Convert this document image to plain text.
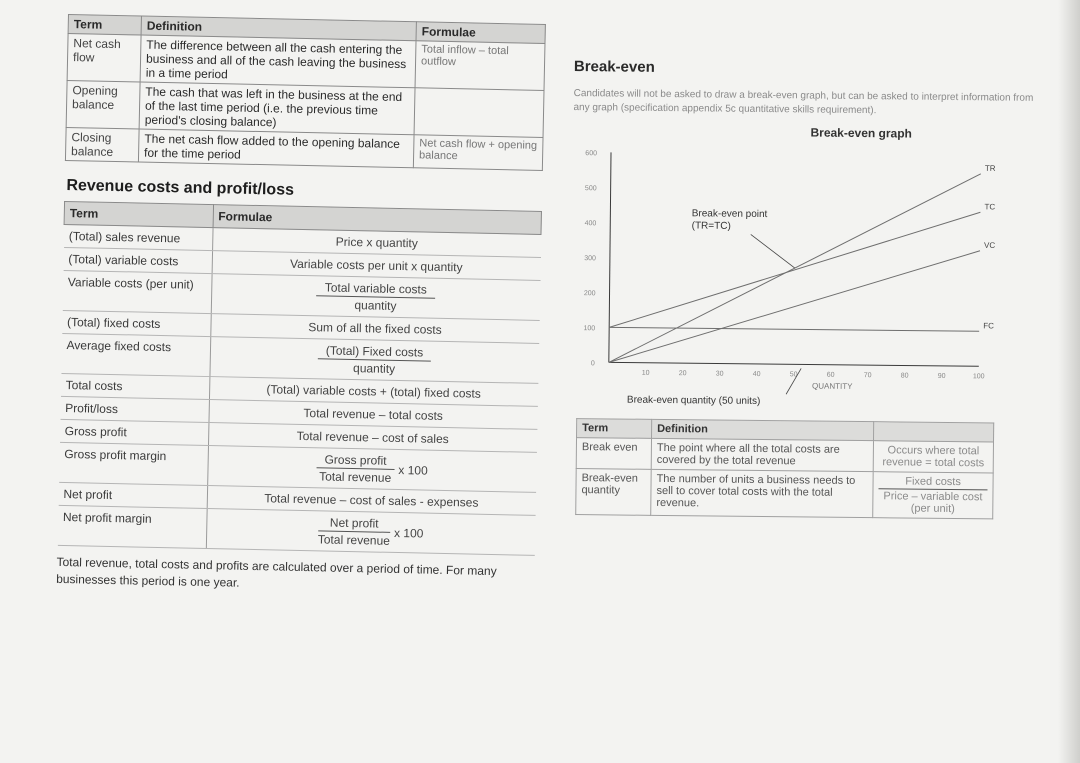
Term	Definition	Formulae
Net cash flow	The difference between all the cash entering the business and all of the cash leaving the business in a time period	Total inflow – total outflow
Opening balance	The cash that was left in the business at the end of the last time period (i.e. the previous time period's closing balance)	
Closing balance	The net cash flow added to the opening balance for the time period	Net cash flow + opening balance
Revenue costs and profit/loss
Term	Formulae
(Total) sales revenue	Price x quantity
(Total) variable costs	Variable costs per unit x quantity
Variable costs (per unit)	$\frac{\text{Total variable costs}}{\text{quantity}}$

(Total) fixed costs	Sum of all the fixed costs
Average fixed costs	$\frac{\text{(Total) Fixed costs}}{\text{quantity}}$

Total costs	(Total) variable costs + (total) fixed costs
Profit/loss	Total revenue – total costs
Gross profit	Total revenue – cost of sales
Gross profit margin	$\frac{\text{Gross profit}}{\text{Total revenue}}$ x 100
Net profit	Total revenue – cost of sales - expenses
Net profit margin	$\frac{\text{Net profit}}{\text{Total revenue}}$ x 100

Total revenue, total costs and profits are calculated over a period of time. For many businesses this period is one year.

Break-even

Candidates will not be asked to draw a break-even graph, but can be asked to interpret information from any graph (specification appendix 5c quantitative skills requirement).

Break-even graph
0
100
200
300
400
500
600
10	20	30	40	50	60	70	80	90	100
TR
TC
VC
FC
QUANTITY
Break-even point
(TR=TC)
Break-even quantity (50 units)
Term	Definition	
Break even	The point where all the total costs are covered by the total revenue	Occurs where total revenue = total costs
Break-even quantity	The number of units a business needs to sell to cover total costs with the total revenue.	$\frac{\text{Fixed costs}}{\text{Price – variable cost (per unit)}}$
